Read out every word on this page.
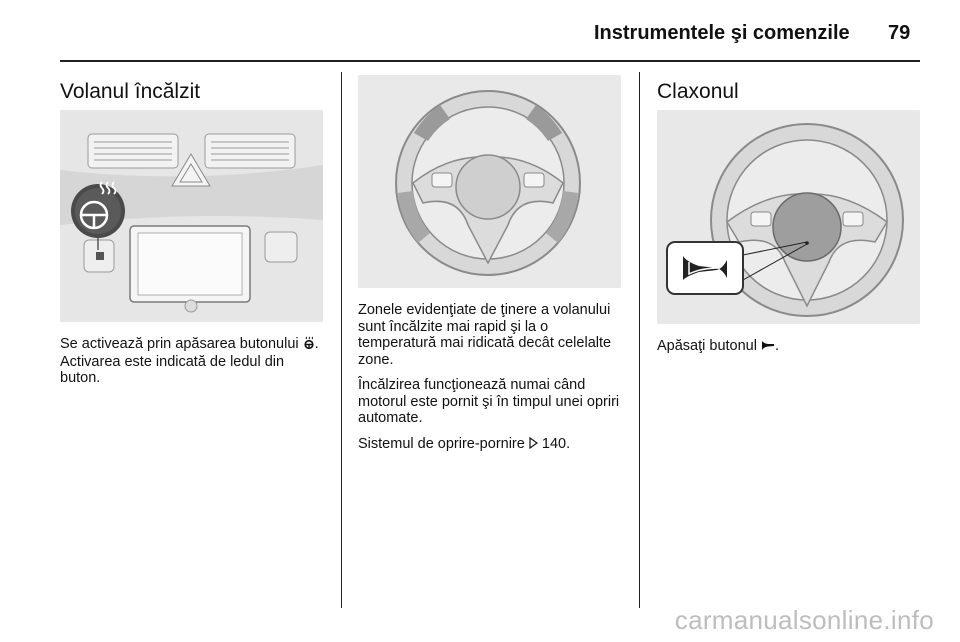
Instrumentele şi comenzile 79
Volanul încălzit
Se activează prin apăsarea butonului . Activarea este indicată de ledul din buton.

Zonele evidenţiate de ţinere a volanului sunt încălzite mai rapid şi la o temperatură mai ridicată decât celelalte zone.

Încălzirea funcţionează numai când motorul este pornit şi în timpul unei opriri automate.

Sistemul de oprire-pornire 140.

Claxonul
Apăsaţi butonul .
carmanualsonline.info
